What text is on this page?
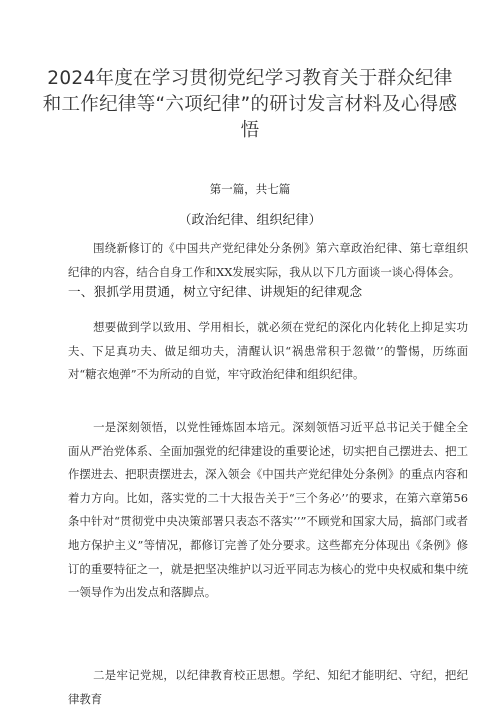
2024年度在学习贯彻党纪学习教育关于群众纪律和工作纪律等“六项纪律”的研讨发言材料及心得感悟
第一篇，共七篇
（政治纪律、组织纪律）

围绕新修订的《中国共产党纪律处分条例》第六章政治纪律、第七章组织纪律的内容，结合自身工作和XX发展实际，我从以下几方面谈一谈心得体会。

一、狠抓学用贯通，树立守纪律、讲规矩的纪律观念

想要做到学以致用、学用相长，就必须在党纪的深化内化转化上抑足实功夫、下足真功夫、做足细功夫，清醒认识“祸患常积于忽微’’的警惕，历练面对“糖衣炮弹”不为所动的自觉，牢守政治纪律和组织纪律。

一是深刻领悟，以党性锤炼固本培元。深刻领悟习近平总书记关于健全全面从严治党体系、全面加强党的纪律建设的重要论述，切实把自己摆进去、把工作摆进去、把职责摆进去，深入领会《中国共产党纪律处分条例》的重点内容和着力方向。比如，落实党的二十大报告关于“三个务必’’的要求，在第六章第56条中针对“贯彻党中央决策部署只表态不落实’’”不顾党和国家大局，搞部门或者地方保护主义”等情况，都修订完善了处分要求。这些都充分体现出《条例》修订的重要特征之一，就是把坚决维护以习近平同志为核心的党中央权威和集中统一领导作为出发点和落脚点。

二是牢记党规，以纪律教育校正思想。学纪、知纪才能明纪、守纪，把纪律教育
